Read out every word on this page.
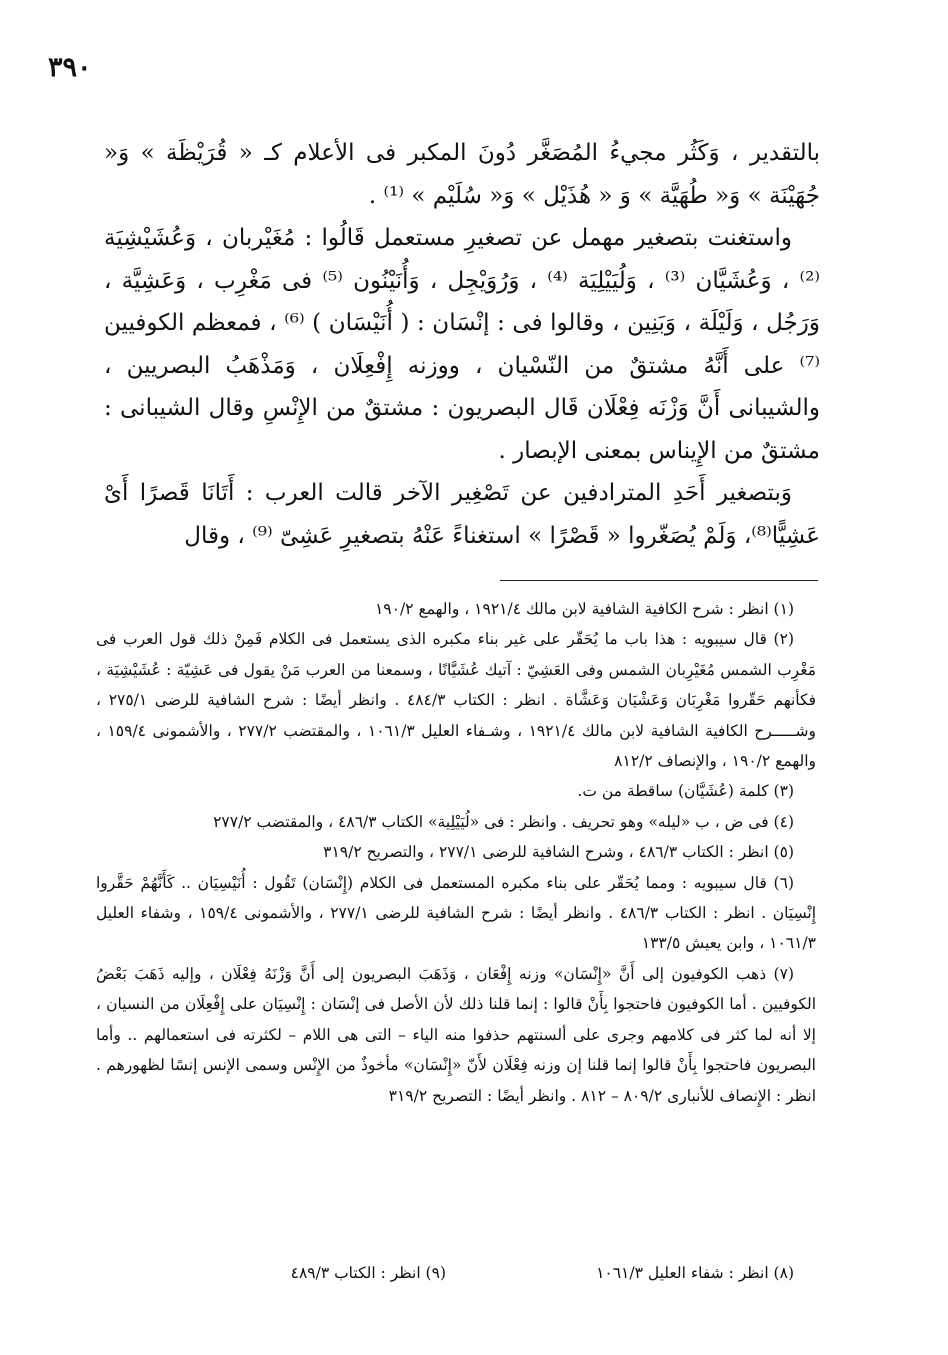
٣٩٠

بالتقدير ، وَكَثُر مجيءُ المُصَغَّر دُونَ المكبر فى الأعلام كـ « قُرَيْظَة » وَ« جُهَيْنَة » وَ« طُهَيَّة » وَ « هُذَيْل » وَ« سُلَيْم » ⁽¹⁾ .

واستغنت بتصغير مهمل عن تصغيرِ مستعمل قَالُوا : مُغَيْربان ، وَعُشَيْشِيَة ⁽²⁾ ، وَعُشَيَّان ⁽³⁾ ، وَلُيَيْلِيَة ⁽⁴⁾ ، وَرُوَيْجِل ، وَأُنَيْنُون ⁽⁵⁾ فى مَغْرِب ، وَعَشِيَّة ، وَرَجُل ، وَلَيْلَة ، وَبَنِين ، وقالوا فى : إنْسَان : ( أُنَيْسَان ) ⁽⁶⁾ ، فمعظم الكوفيين ⁽⁷⁾ على أَنَّهُ مشتقٌ من النّسْيان ، ووزنه إِفْعِلَان ، وَمَذْهَبُ البصريين ، والشيبانى أَنَّ وَزْنَه فِعْلَان قَال البصريون : مشتقٌ من الإِنْسِ وقال الشيبانى : مشتقٌ من الإِيناس بمعنى الإبصار .

وَبتصغير أَحَدِ المترادفين عن تَصْغِير الآخر قالت العرب : أَتَانَا قَصرًا أَىْ عَشِيًّا⁽⁸⁾، وَلَمْ يُصَغّروا « قَصْرًا » استغناءً عَنْهُ بتصغيرِ عَشِىّ ⁽⁹⁾ ، وقال

(١) انظر : شرح الكافية الشافية لابن مالك ١٩٢١/٤ ، والهمع ١٩٠/٢

(٢) قال سيبويه : هذا باب ما يُحَقّر على غير بناء مكبره الذى يستعمل فى الكلام فَمِنْ ذلك قول العرب فى مَغْرِب الشمس مُغَيْرِبان الشمس وفى العَشِيّ : آتيك عُشَيَّانًا ، وسمعنا من العرب مَنْ يقول فى عَشِيّة : عُشَيْشِيَة ، فكأنهم حَقّروا مَغْرِبَان وَعَشْيَان وَعَشَّاة . انظر : الكتاب ٤٨٤/٣ . وانظر أيضًا : شرح الشافية للرضى ٢٧٥/١ ، وشـــــرح الكافية الشافية لابن مالك ١٩٢١/٤ ، وشـفاء العليل ١٠٦١/٣ ، والمقتضب ٢٧٧/٢ ، والأشمونى ١٥٩/٤ ، والهمع ١٩٠/٢ ، والإنصاف ٨١٢/٢

(٣) كلمة (عُشَيَّان) ساقطة من ت.

(٤) فى ض ، ب «ليله» وهو تحريف . وانظر : فى «لُيَيْلِية» الكتاب ٤٨٦/٣ ، والمقتضب ٢٧٧/٢

(٥) انظر : الكتاب ٤٨٦/٣ ، وشرح الشافية للرضى ٢٧٧/١ ، والتصريح ٣١٩/٢

(٦) قال سيبويه : ومما يُحَقّر على بناء مكبره المستعمل فى الكلام (إِنْسَان) تَقُول : أُنَيْسِيَان .. كَأَنَّهُمْ حَقَّروا إِنْسِيَان . انظر : الكتاب ٤٨٦/٣ . وانظر أيضًا : شرح الشافية للرضى ٢٧٧/١ ، والأشمونى ١٥٩/٤ ، وشفاء العليل ١٠٦١/٣ ، وابن يعيش ١٣٣/٥

(٧) ذهب الكوفيون إلى أَنَّ «إِنْسَان» وزنه إِفْعَان ، وَذَهَبَ البصريون إلى أَنَّ وَزْنَهُ فِعْلَان ، وإليه ذَهَبَ بَعْضُ الكوفيين . أما الكوفيون فاحتجوا بِأَنْ قالوا : إنما قلنا ذلك لأن الأصل فى إنْسَان : إِنْسِيَان على إِفْعِلَان من النسيان ، إلا أنه لما كثر فى كلامهم وجرى على ألسنتهم حذفوا منه الياء – التى هى اللام – لكثرته فى استعمالهم .. وأما البصريون فاحتجوا بِأَنْ قالوا إنما قلنا إن وزنه فِعْلَان لأَنّ «إِنْسَان» مأخوذٌ من الإِنْس وسمى الإنس إنسًا لظهورهم . انظر : الإِنصاف للأنبارى ٨٠٩/٢ – ٨١٢ . وانظر أيضًا : التصريح ٣١٩/٢

(٨) انظر : شفاء العليل ١٠٦١/٣
(٩) انظر : الكتاب ٤٨٩/٣
